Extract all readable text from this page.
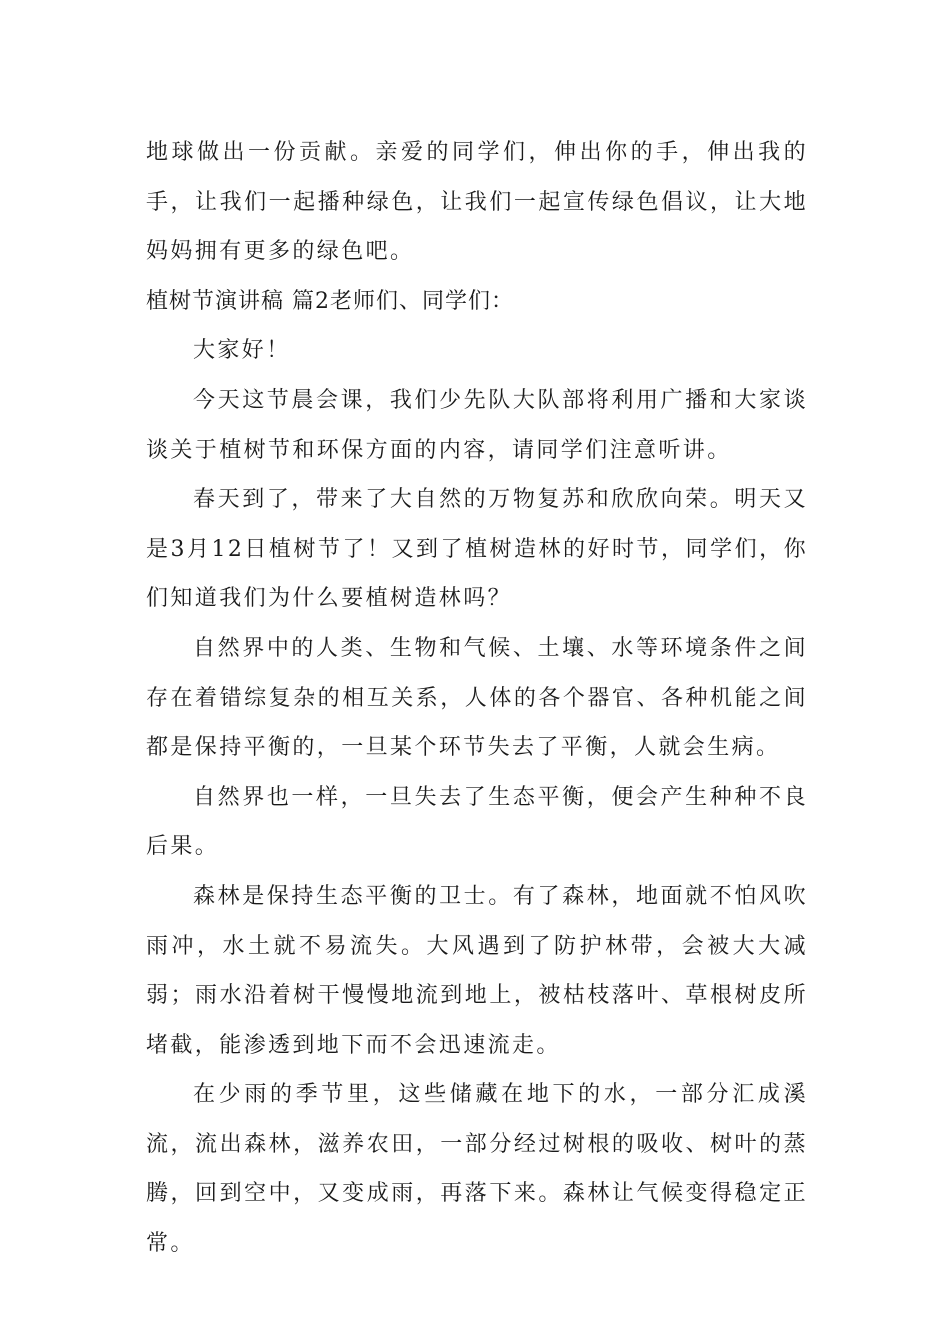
地球做出一份贡献。亲爱的同学们，伸出你的手，伸出我的手，让我们一起播种绿色，让我们一起宣传绿色倡议，让大地妈妈拥有更多的绿色吧。

植树节演讲稿 篇2老师们、同学们：

大家好！

今天这节晨会课，我们少先队大队部将利用广播和大家谈谈关于植树节和环保方面的内容，请同学们注意听讲。

春天到了，带来了大自然的万物复苏和欣欣向荣。明天又是3月12日植树节了！又到了植树造林的好时节，同学们，你们知道我们为什么要植树造林吗？

自然界中的人类、生物和气候、土壤、水等环境条件之间存在着错综复杂的相互关系，人体的各个器官、各种机能之间都是保持平衡的，一旦某个环节失去了平衡，人就会生病。

自然界也一样，一旦失去了生态平衡，便会产生种种不良后果。

森林是保持生态平衡的卫士。有了森林，地面就不怕风吹雨冲，水土就不易流失。大风遇到了防护林带，会被大大减弱；雨水沿着树干慢慢地流到地上，被枯枝落叶、草根树皮所堵截，能渗透到地下而不会迅速流走。

在少雨的季节里，这些储藏在地下的水，一部分汇成溪流，流出森林，滋养农田，一部分经过树根的吸收、树叶的蒸腾，回到空中，又变成雨，再落下来。森林让气候变得稳定正常。
